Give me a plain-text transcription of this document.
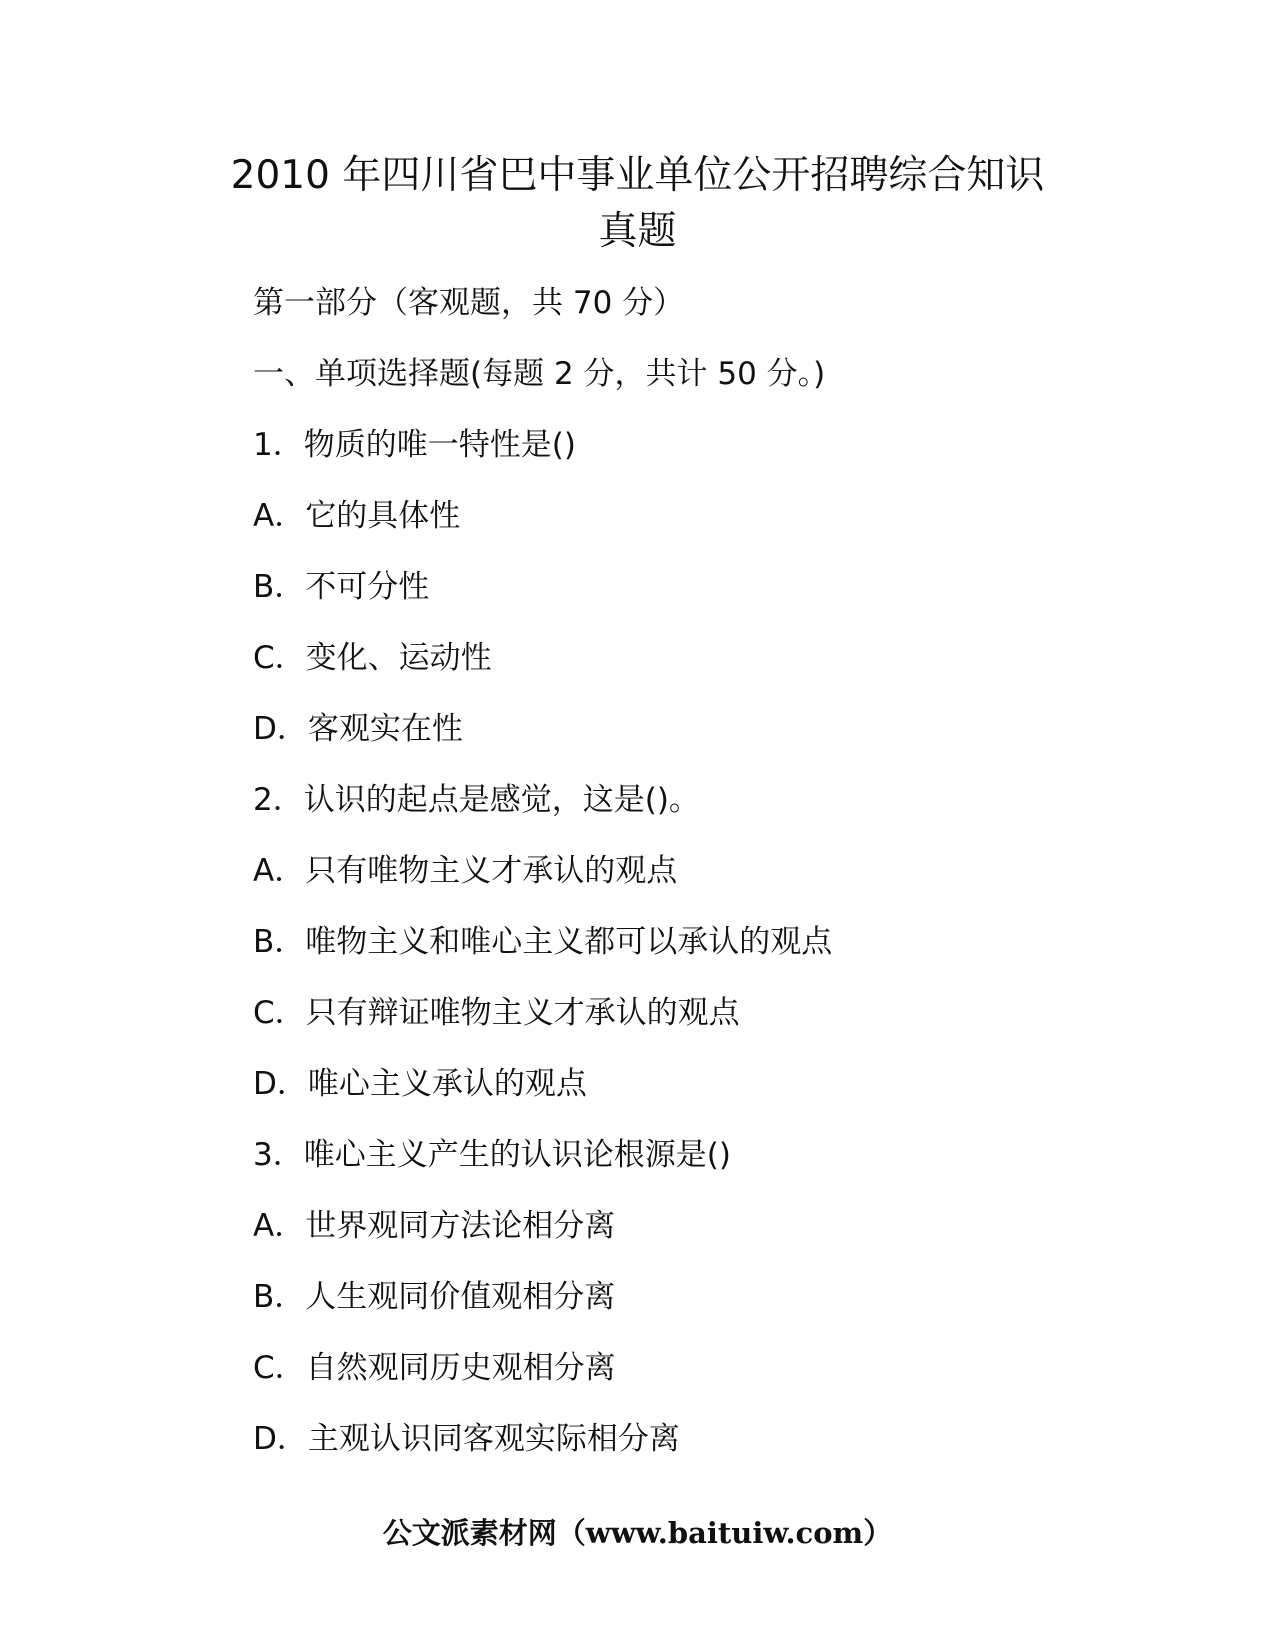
2010 年四川省巴中事业单位公开招聘综合知识
真题
第一部分（客观题，共 70 分）
一、单项选择题(每题 2 分，共计 50 分。)
1．物质的唯一特性是()
A．它的具体性
B．不可分性
C．变化、运动性
D．客观实在性
2．认识的起点是感觉，这是()。
A．只有唯物主义才承认的观点
B．唯物主义和唯心主义都可以承认的观点
C．只有辩证唯物主义才承认的观点
D．唯心主义承认的观点
3．唯心主义产生的认识论根源是()
A．世界观同方法论相分离
B．人生观同价值观相分离
C．自然观同历史观相分离
D．主观认识同客观实际相分离
公文派素材网（www.baituiw.com）
